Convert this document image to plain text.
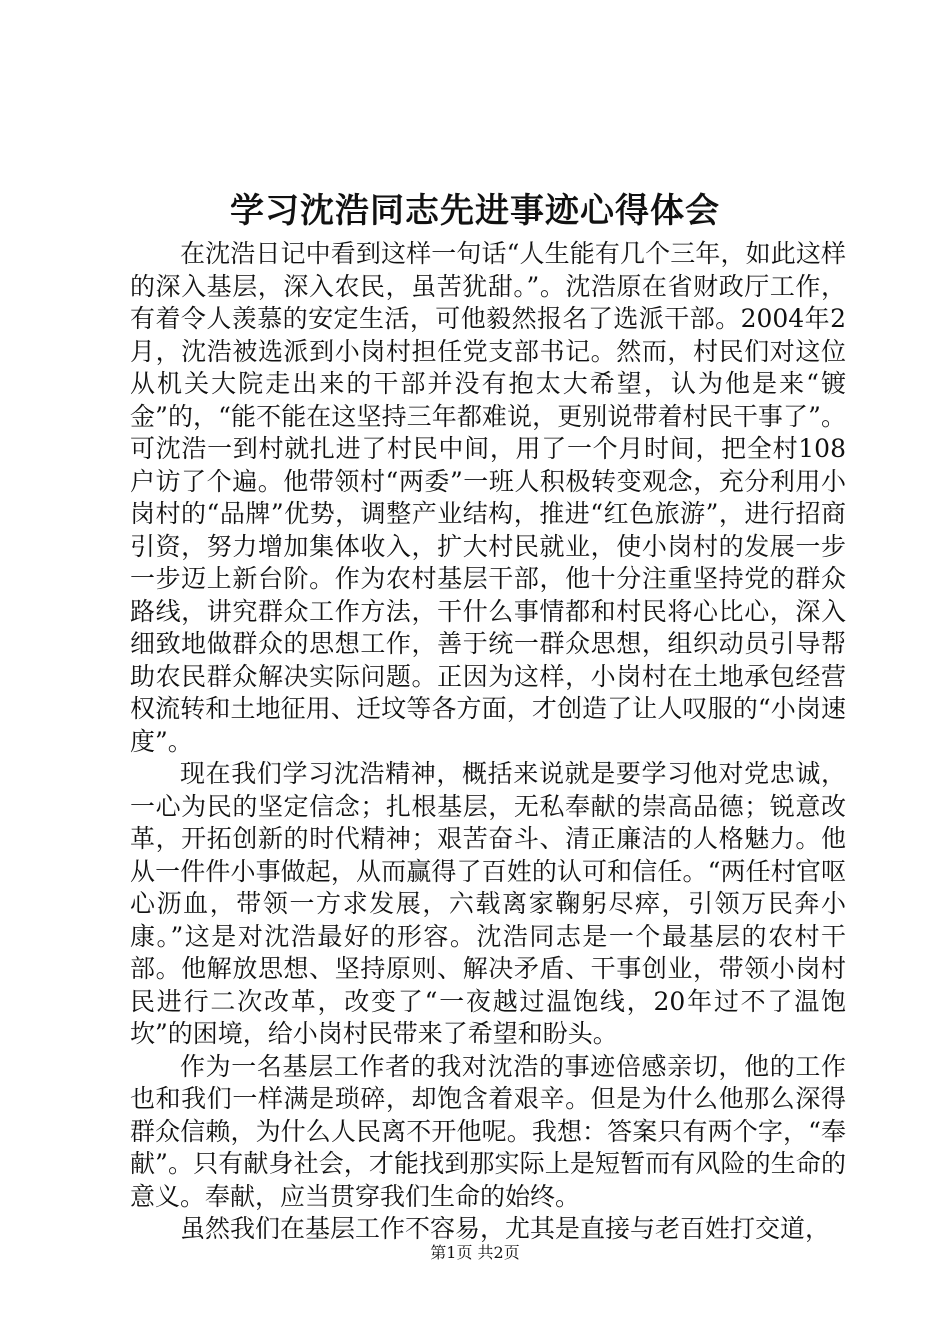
学习沈浩同志先进事迹心得体会

在沈浩日记中看到这样一句话“人生能有几个三年，如此这样的深入基层，深入农民，虽苦犹甜。”。沈浩原在省财政厅工作，有着令人羡慕的安定生活，可他毅然报名了选派干部。2004年2月，沈浩被选派到小岗村担任党支部书记。然而，村民们对这位从机关大院走出来的干部并没有抱太大希望，认为他是来“镀金”的，“能不能在这坚持三年都难说，更别说带着村民干事了”。可沈浩一到村就扎进了村民中间，用了一个月时间，把全村108户访了个遍。他带领村“两委”一班人积极转变观念，充分利用小岗村的“品牌”优势，调整产业结构，推进“红色旅游”，进行招商引资，努力增加集体收入，扩大村民就业，使小岗村的发展一步一步迈上新台阶。作为农村基层干部，他十分注重坚持党的群众路线，讲究群众工作方法，干什么事情都和村民将心比心，深入细致地做群众的思想工作，善于统一群众思想，组织动员引导帮助农民群众解决实际问题。正因为这样，小岗村在土地承包经营权流转和土地征用、迁坟等各方面，才创造了让人叹服的“小岗速度”。

现在我们学习沈浩精神，概括来说就是要学习他对党忠诚，一心为民的坚定信念；扎根基层，无私奉献的崇高品德；锐意改革，开拓创新的时代精神；艰苦奋斗、清正廉洁的人格魅力。他从一件件小事做起，从而赢得了百姓的认可和信任。“两任村官呕心沥血，带领一方求发展，六载离家鞠躬尽瘁，引领万民奔小康。”这是对沈浩最好的形容。沈浩同志是一个最基层的农村干部。他解放思想、坚持原则、解决矛盾、干事创业，带领小岗村民进行二次改革，改变了“一夜越过温饱线，20年过不了温饱坎”的困境，给小岗村民带来了希望和盼头。

作为一名基层工作者的我对沈浩的事迹倍感亲切，他的工作也和我们一样满是琐碎，却饱含着艰辛。但是为什么他那么深得群众信赖，为什么人民离不开他呢。我想：答案只有两个字，“奉献”。只有献身社会，才能找到那实际上是短暂而有风险的生命的意义。奉献，应当贯穿我们生命的始终。

虽然我们在基层工作不容易，尤其是直接与老百姓打交道，

第1页 共2页
